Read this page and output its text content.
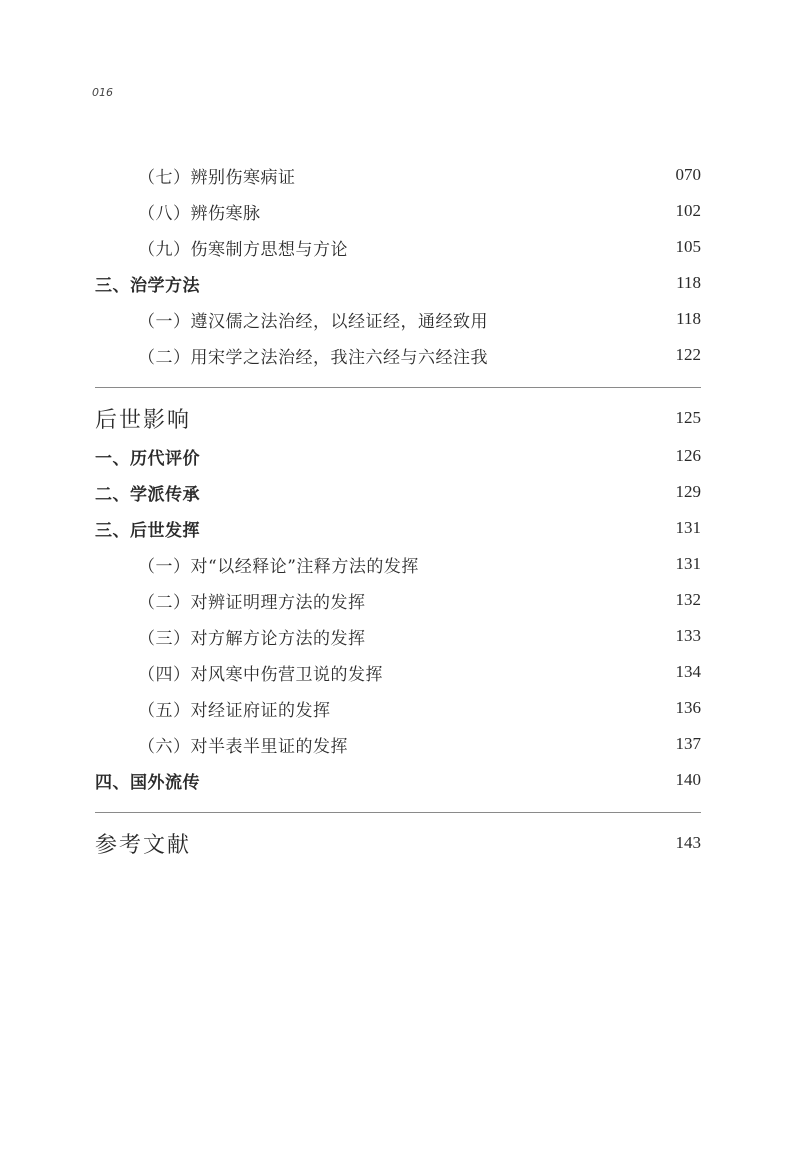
016
（七）辨别伤寒病证	070
（八）辨伤寒脉	102
（九）伤寒制方思想与方论	105
三、治学方法	118
（一）遵汉儒之法治经，以经证经，通经致用	118
（二）用宋学之法治经，我注六经与六经注我	122
后世影响	125
一、历代评价	126
二、学派传承	129
三、后世发挥	131
（一）对“以经释论”注释方法的发挥	131
（二）对辨证明理方法的发挥	132
（三）对方解方论方法的发挥	133
（四）对风寒中伤营卫说的发挥	134
（五）对经证府证的发挥	136
（六）对半表半里证的发挥	137
四、国外流传	140
参考文献	143
